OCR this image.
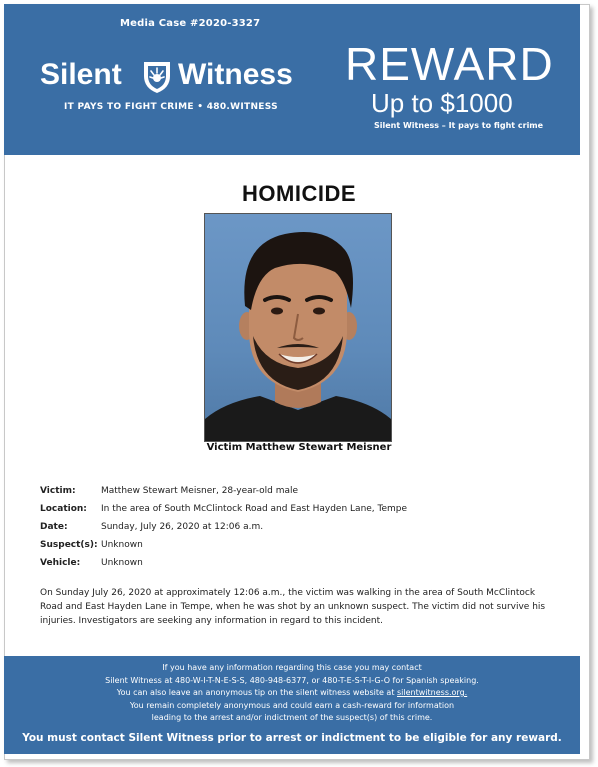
Media Case #2020-3327
Silent Witness
IT PAYS TO FIGHT CRIME • 480.WITNESS
REWARD
Up to $1000
Silent Witness – It pays to fight crime
HOMICIDE
Victim Matthew Stewart Meisner
Victim:	Matthew Stewart Meisner, 28-year-old male
Location: In the area of South McClintock Road and East Hayden Lane, Tempe
Date:	Sunday, July 26, 2020 at 12:06 a.m.
Suspect(s): Unknown
Vehicle: Unknown
On Sunday July 26, 2020 at approximately 12:06 a.m., the victim was walking in the area of South McClintock Road and East Hayden Lane in Tempe, when he was shot by an unknown suspect. The victim did not survive his injuries. Investigators are seeking any information in regard to this incident.
If you have any information regarding this case you may contact
Silent Witness at 480-W-I-T-N-E-S-S, 480-948-6377, or 480-T-E-S-T-I-G-O for Spanish speaking.
You can also leave an anonymous tip on the silent witness website at silentwitness.org.
You remain completely anonymous and could earn a cash-reward for information
leading to the arrest and/or indictment of the suspect(s) of this crime.
You must contact Silent Witness prior to arrest or indictment to be eligible for any reward.
